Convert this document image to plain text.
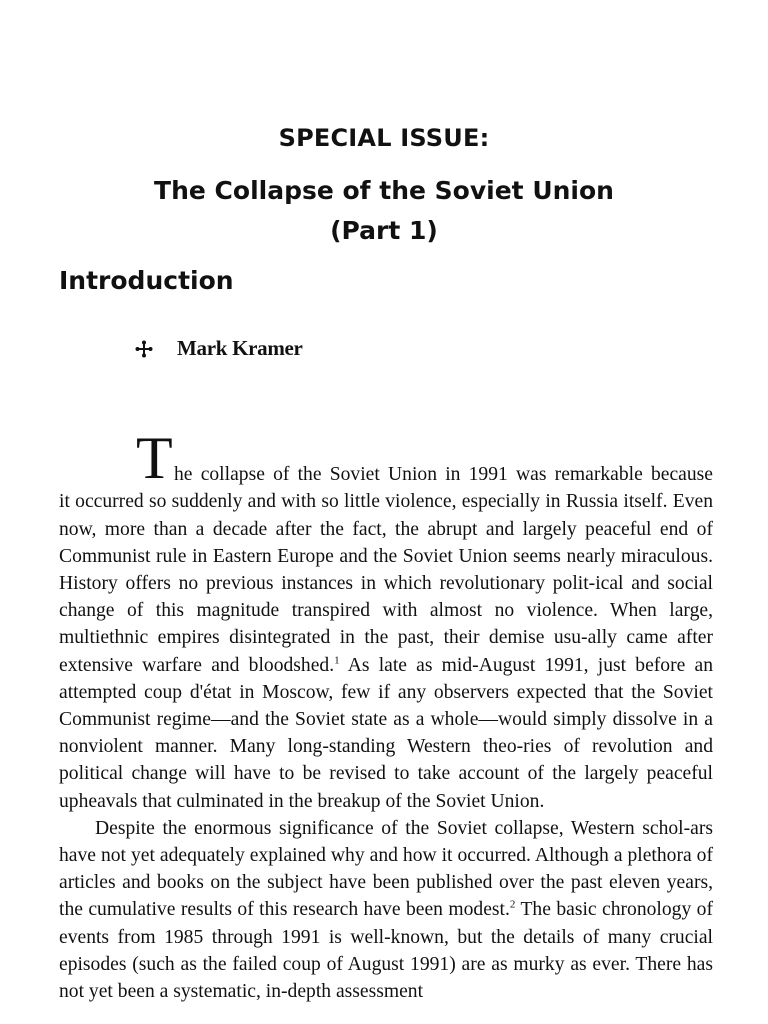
SPECIAL ISSUE:
The Collapse of the Soviet Union
(Part 1)
Introduction
Mark Kramer
T he collapse of the Soviet Union in 1991 was remarkable because
it occurred so suddenly and with so little violence, especially in Russia itself. Even now, more than a decade after the fact, the abrupt and largely peaceful end of Communist rule in Eastern Europe and the Soviet Union seems nearly miraculous. History offers no previous instances in which revolutionary polit-ical and social change of this magnitude transpired with almost no violence. When large, multiethnic empires disintegrated in the past, their demise usu-ally came after extensive warfare and bloodshed.$^1$ As late as mid-August 1991, just before an attempted coup d'état in Moscow, few if any observers expected that the Soviet Communist regime—and the Soviet state as a whole—would simply dissolve in a nonviolent manner. Many long-standing Western theo-ries of revolution and political change will have to be revised to take account of the largely peaceful upheavals that culminated in the breakup of the Soviet Union.

Despite the enormous significance of the Soviet collapse, Western schol-ars have not yet adequately explained why and how it occurred. Although a plethora of articles and books on the subject have been published over the past eleven years, the cumulative results of this research have been modest.$^2$ The basic chronology of events from 1985 through 1991 is well-known, but the details of many crucial episodes (such as the failed coup of August 1991) are as murky as ever. There has not yet been a systematic, in-depth assessment
